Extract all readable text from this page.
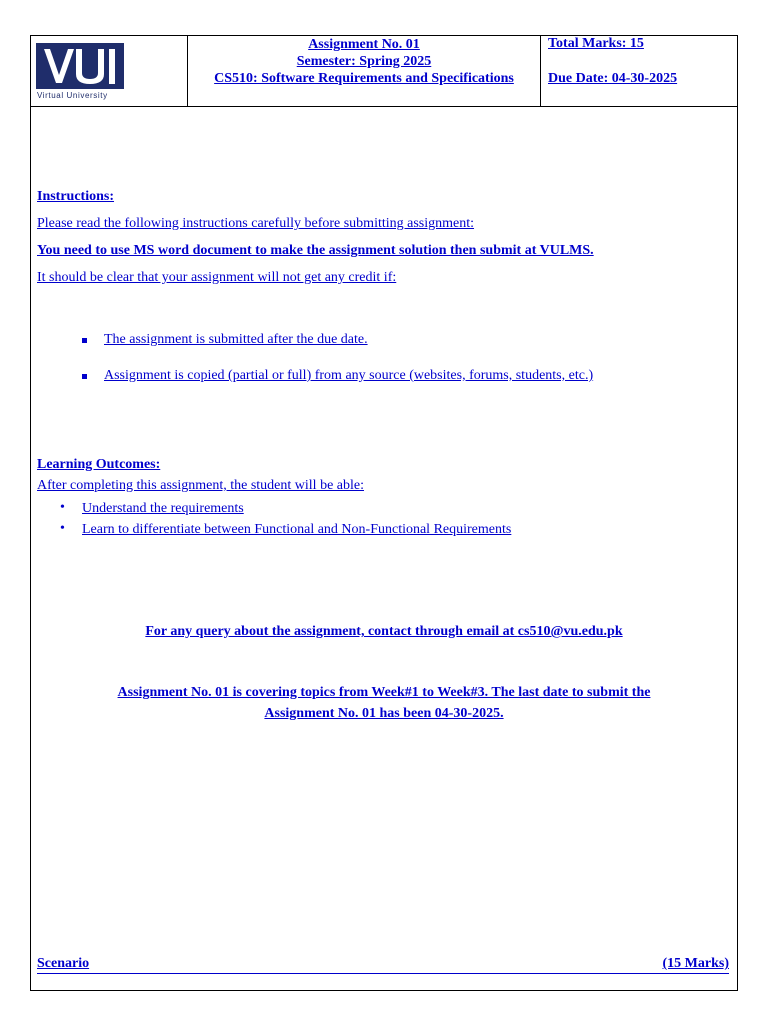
Virtual University
Assignment No. 01
Semester: Spring 2025
CS510: Software Requirements and Specifications
Total Marks: 15
Due Date: 04-30-2025
Instructions:
Please read the following instructions carefully before submitting assignment:
You need to use MS word document to make the assignment solution then submit at VULMS.
It should be clear that your assignment will not get any credit if:
The assignment is submitted after the due date.
Assignment is copied (partial or full) from any source (websites, forums, students, etc.)
Learning Outcomes:
After completing this assignment, the student will be able:
• Understand the requirements
• Learn to differentiate between Functional and Non-Functional Requirements
For any query about the assignment, contact through email at cs510@vu.edu.pk
Assignment No. 01 is covering topics from Week#1 to Week#3. The last date to submit the
Assignment No. 01 has been 04-30-2025.
Scenario	(15 Marks)
